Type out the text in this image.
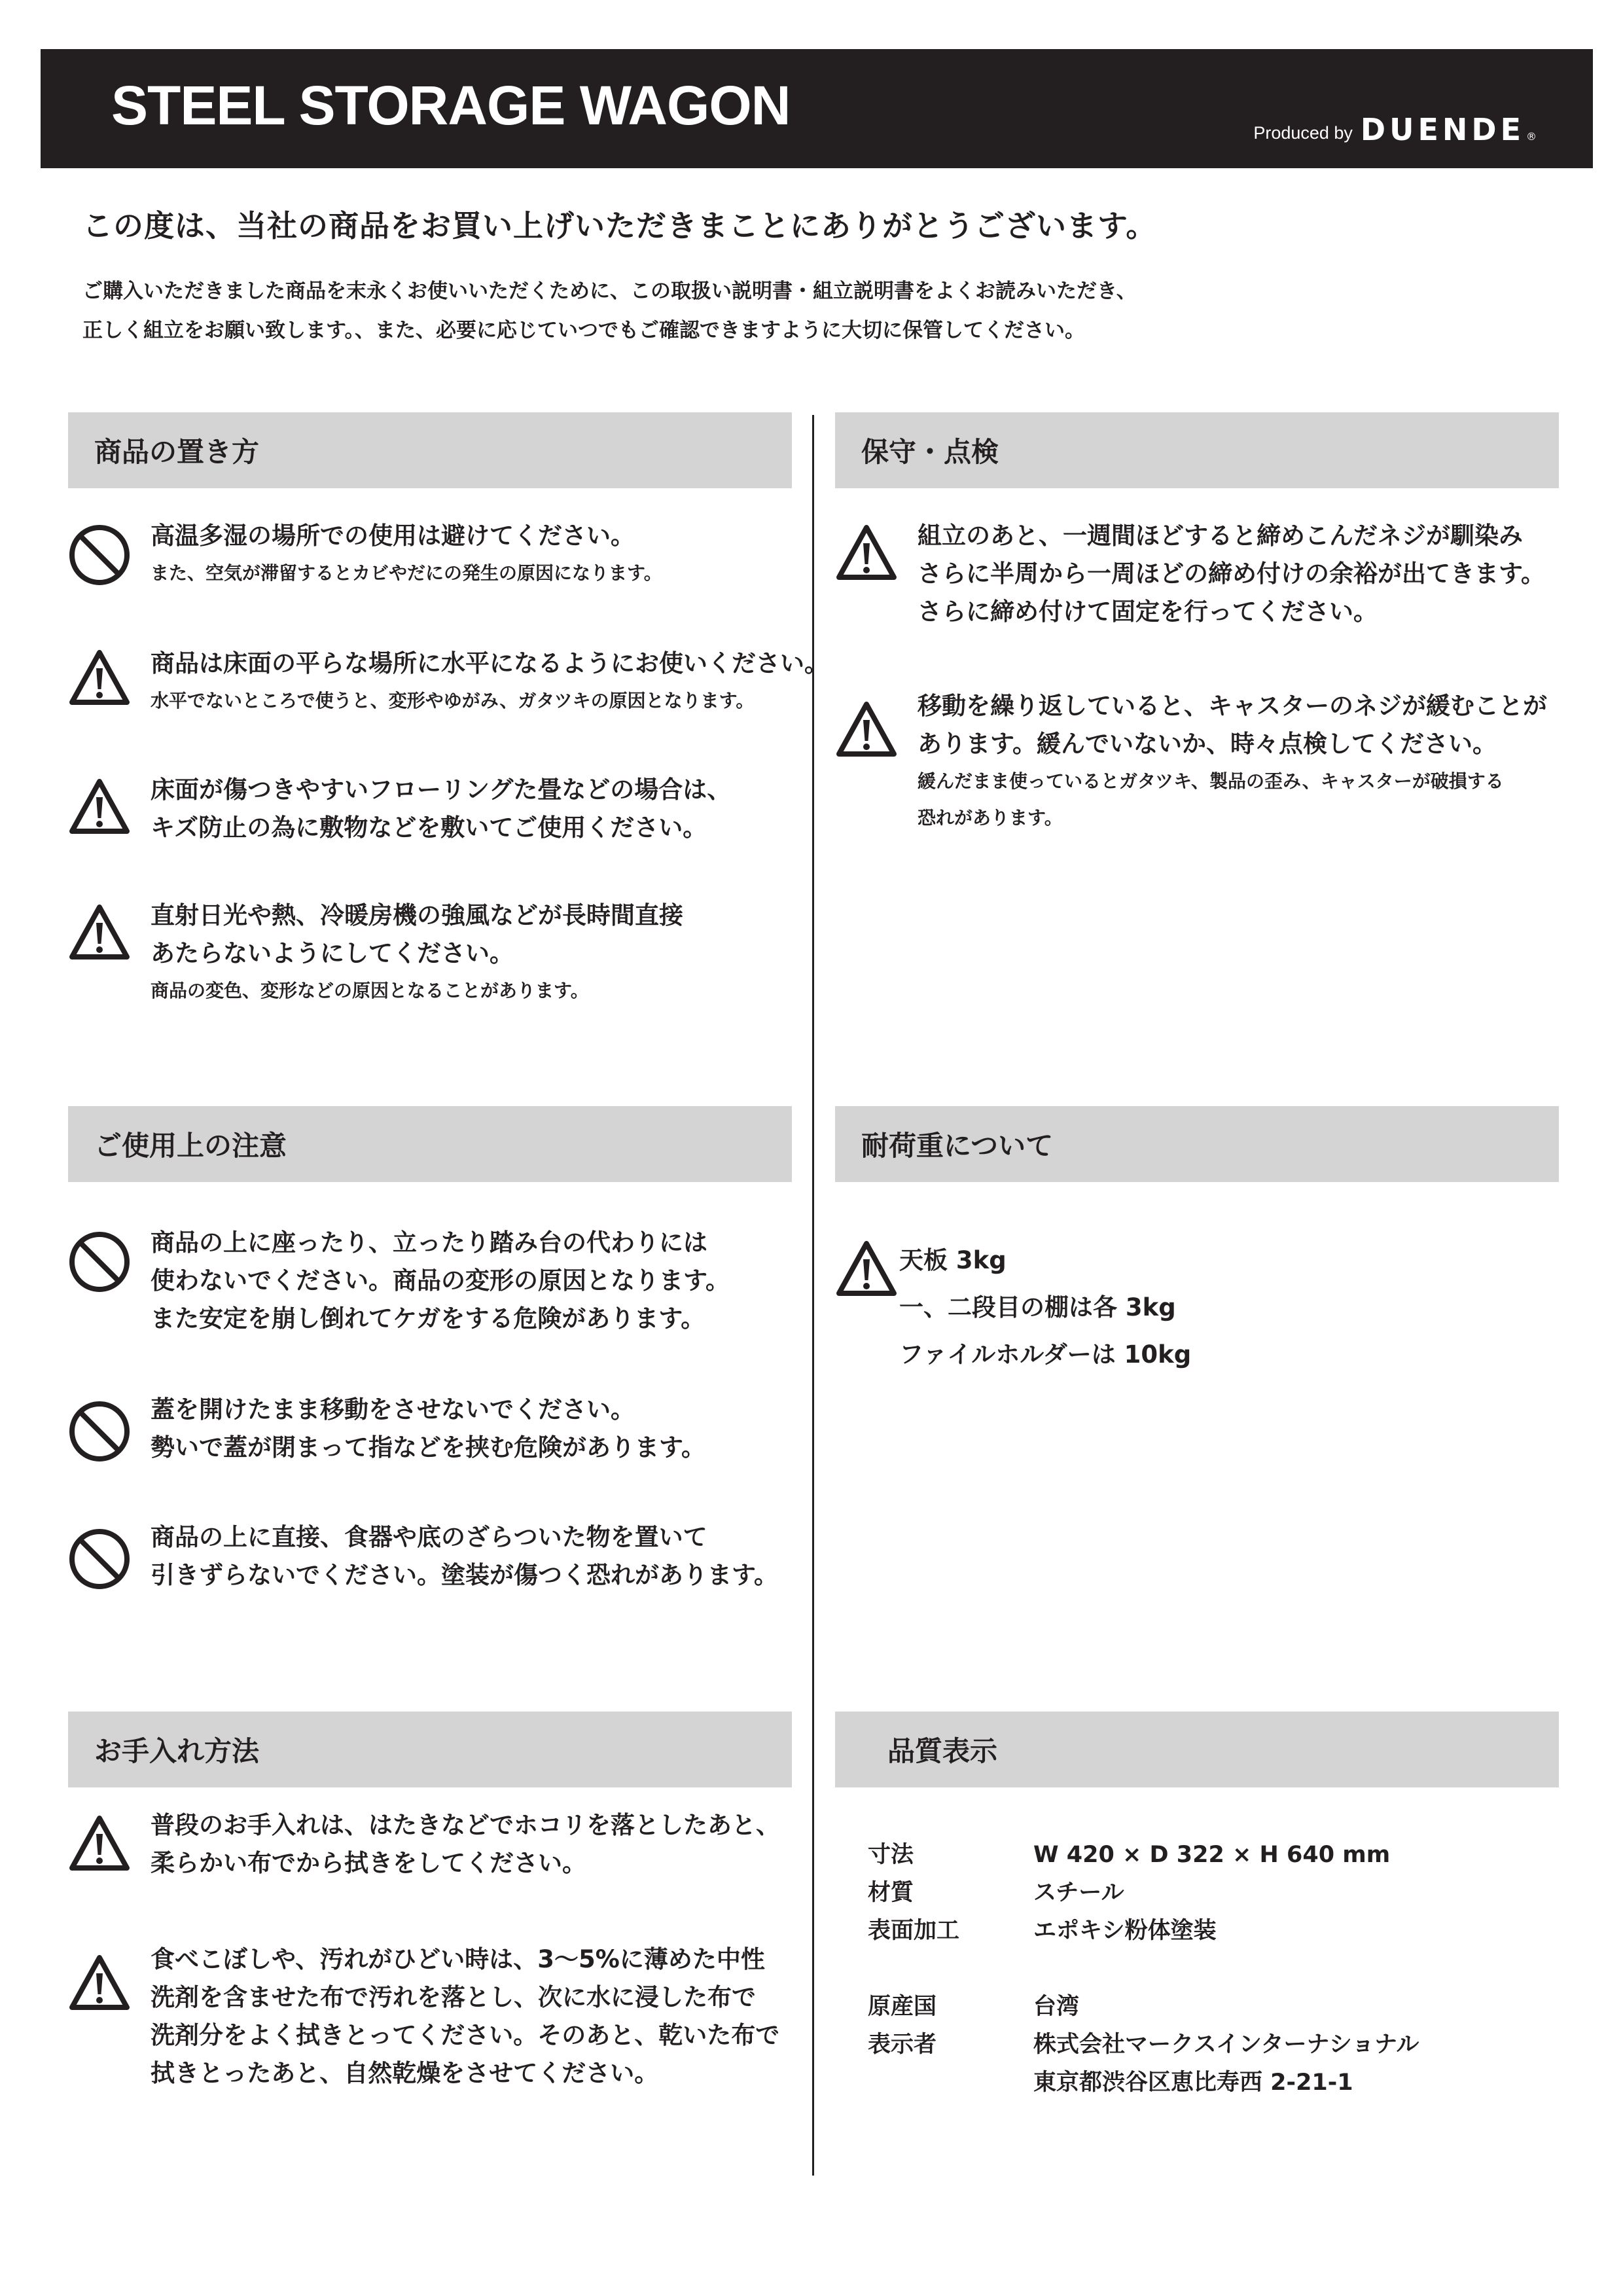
STEEL STORAGE WAGON	Produced by DUENDE ®
この度は、当社の商品をお買い上げいただきまことにありがとうございます。
ご購入いただきました商品を末永くお使いいただくために、この取扱い説明書・組立説明書をよくお読みいただき、
正しく組立をお願い致します。、また、必要に応じていつでもご確認できますように大切に保管してください。
商品の置き方
高温多湿の場所での使用は避けてください。
また、空気が滞留するとカビやだにの発生の原因になります。
商品は床面の平らな場所に水平になるようにお使いください。
水平でないところで使うと、変形やゆがみ、ガタツキの原因となります。
床面が傷つきやすいフローリングた畳などの場合は、
キズ防止の為に敷物などを敷いてご使用ください。
直射日光や熱、冷暖房機の強風などが長時間直接
あたらないようにしてください。
商品の変色、変形などの原因となることがあります。
保守・点検
組立のあと、一週間ほどすると締めこんだネジが馴染み
さらに半周から一周ほどの締め付けの余裕が出てきます。
さらに締め付けて固定を行ってください。
移動を繰り返していると、キャスターのネジが緩むことが
あります。緩んでいないか、時々点検してください。
緩んだまま使っているとガタツキ、製品の歪み、キャスターが破損する
恐れがあります。
ご使用上の注意
商品の上に座ったり、立ったり踏み台の代わりには
使わないでください。商品の変形の原因となります。
また安定を崩し倒れてケガをする危険があります。
蓋を開けたまま移動をさせないでください。
勢いで蓋が閉まって指などを挟む危険があります。
商品の上に直接、食器や底のざらついた物を置いて
引きずらないでください。塗装が傷つく恐れがあります。
耐荷重について
天板 3kg
一、二段目の棚は各 3kg
ファイルホルダーは 10kg
お手入れ方法
普段のお手入れは、はたきなどでホコリを落としたあと、
柔らかい布でから拭きをしてください。
食べこぼしや、汚れがひどい時は、3～5%に薄めた中性
洗剤を含ませた布で汚れを落とし、次に水に浸した布で
洗剤分をよく拭きとってください。そのあと、乾いた布で
拭きとったあと、自然乾燥をさせてください。
品質表示
寸法	W 420 × D 322 × H 640 mm
材質	スチール
表面加工	エポキシ粉体塗装
原産国	台湾
表示者	株式会社マークスインターナショナル
東京都渋谷区恵比寿西 2-21-1
